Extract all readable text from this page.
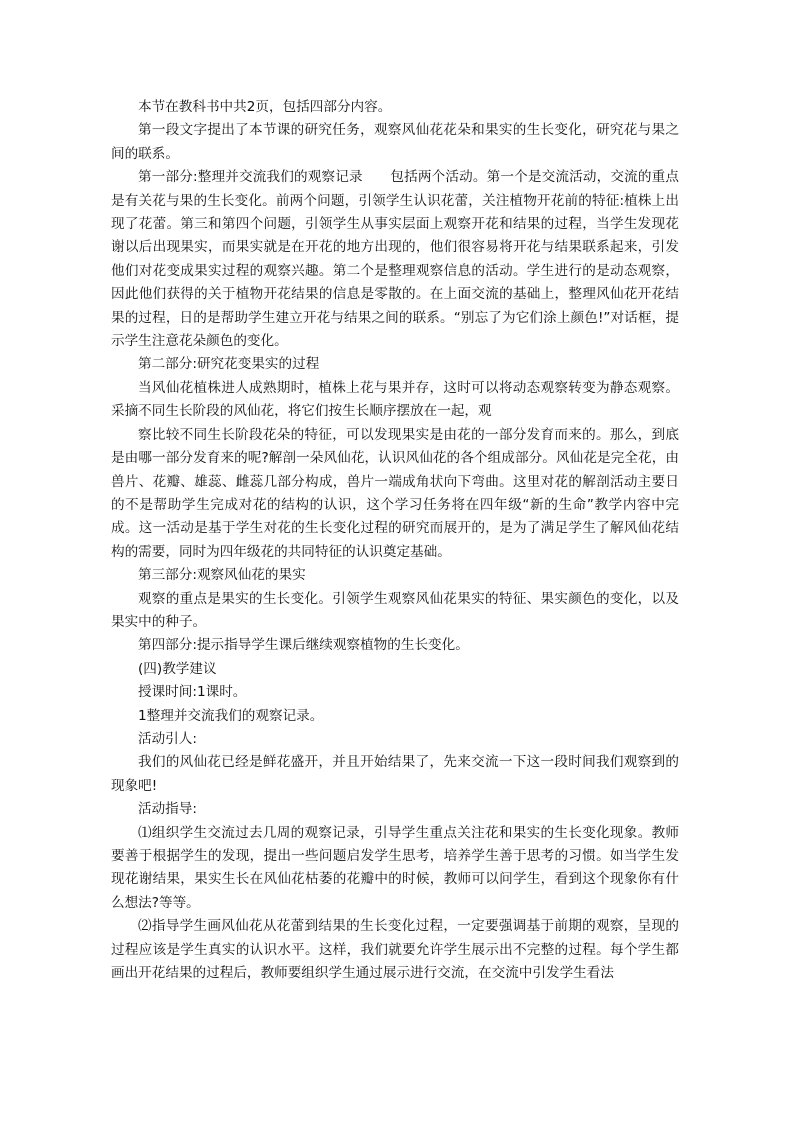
本节在教科书中共2页，包括四部分内容。

第一段文字提出了本节课的研究任务，观察风仙花花朵和果实的生长变化，研究花与果之间的联系。

第一部分:整理并交流我们的观察记录　　包括两个活动。第一个是交流活动，交流的重点是有关花与果的生长变化。前两个问题，引领学生认识花蕾，关注植物开花前的特征:植株上出现了花蕾。第三和第四个问题，引领学生从事实层面上观察开花和结果的过程，当学生发现花谢以后出现果实，而果实就是在开花的地方出现的，他们很容易将开花与结果联系起来，引发他们对花变成果实过程的观察兴趣。第二个是整理观察信息的活动。学生进行的是动态观察，因此他们获得的关于植物开花结果的信息是零散的。在上面交流的基础上，整理风仙花开花结果的过程，日的是帮助学生建立开花与结果之间的联系。“别忘了为它们涂上颜色!”对话框，提示学生注意花朵颜色的变化。

第二部分:研究花变果实的过程

当风仙花植株进人成熟期时，植株上花与果并存，这时可以将动态观察转变为静态观察。采摘不同生长阶段的风仙花，将它们按生长顺序摆放在一起，观

察比较不同生长阶段花朵的特征，可以发现果实是由花的一部分发育而来的。那么，到底是由哪一部分发育来的呢?解剖一朵风仙花，认识风仙花的各个组成部分。风仙花是完全花，由兽片、花瓣、雄蕊、雌蕊几部分构成，兽片一端成角状向下弯曲。这里对花的解剖活动主要日的不是帮助学生完成对花的结构的认识，这个学习任务将在四年级“新的生命”教学内容中完成。这一活动是基于学生对花的生长变化过程的研究而展开的，是为了满足学生了解风仙花结构的需要，同时为四年级花的共同特征的认识奠定基础。

第三部分:观察风仙花的果实

观察的重点是果实的生长变化。引领学生观察风仙花果实的特征、果实颜色的变化，以及果实中的种子。

第四部分:提示指导学生课后继续观察植物的生长变化。

(四)教学建议

授课时间:1课时。

1整理并交流我们的观察记录。

活动引人:

我们的风仙花已经是鲜花盛开，并且开始结果了，先来交流一下这一段时间我们观察到的现象吧!

活动指导:

⑴组织学生交流过去几周的观察记录，引导学生重点关注花和果实的生长变化现象。教师要善于根据学生的发现，提出一些问题启发学生思考，培养学生善于思考的习惯。如当学生发现花谢结果，果实生长在风仙花枯萎的花瓣中的时候，教师可以问学生，看到这个现象你有什么想法?等等。

⑵指导学生画风仙花从花蕾到结果的生长变化过程，一定要强调基于前期的观察，呈现的过程应该是学生真实的认识水平。这样，我们就要允许学生展示出不完整的过程。每个学生都画出开花结果的过程后，教师要组织学生通过展示进行交流，在交流中引发学生看法
